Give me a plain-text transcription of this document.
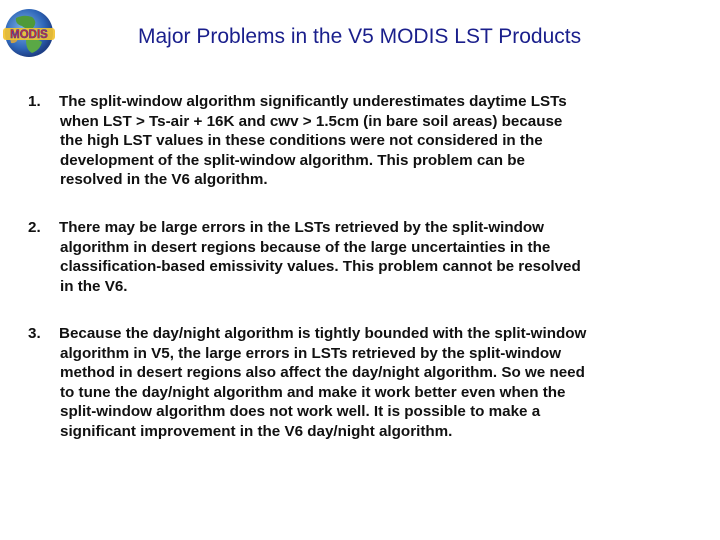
MODIS	Major Problems in the V5 MODIS LST Products
1.	The split-window algorithm significantly underestimates daytime LSTs
when LST > Ts-air + 16K and cwv > 1.5cm (in bare soil areas) because
the high LST values in these conditions were not considered in the
development of the split-window algorithm. This problem can be
resolved in the V6 algorithm.
2.	There may be large errors in the LSTs retrieved by the split-window
algorithm in desert regions because of the large uncertainties in the
classification-based emissivity values. This problem cannot be resolved
in the V6.
3.	Because the day/night algorithm is tightly bounded with the split-window
algorithm in V5, the large errors in LSTs retrieved by the split-window
method in desert regions also affect the day/night algorithm. So we need
to tune the day/night algorithm and make it work better even when the
split-window algorithm does not work well. It is possible to make a
significant improvement in the V6 day/night algorithm.
